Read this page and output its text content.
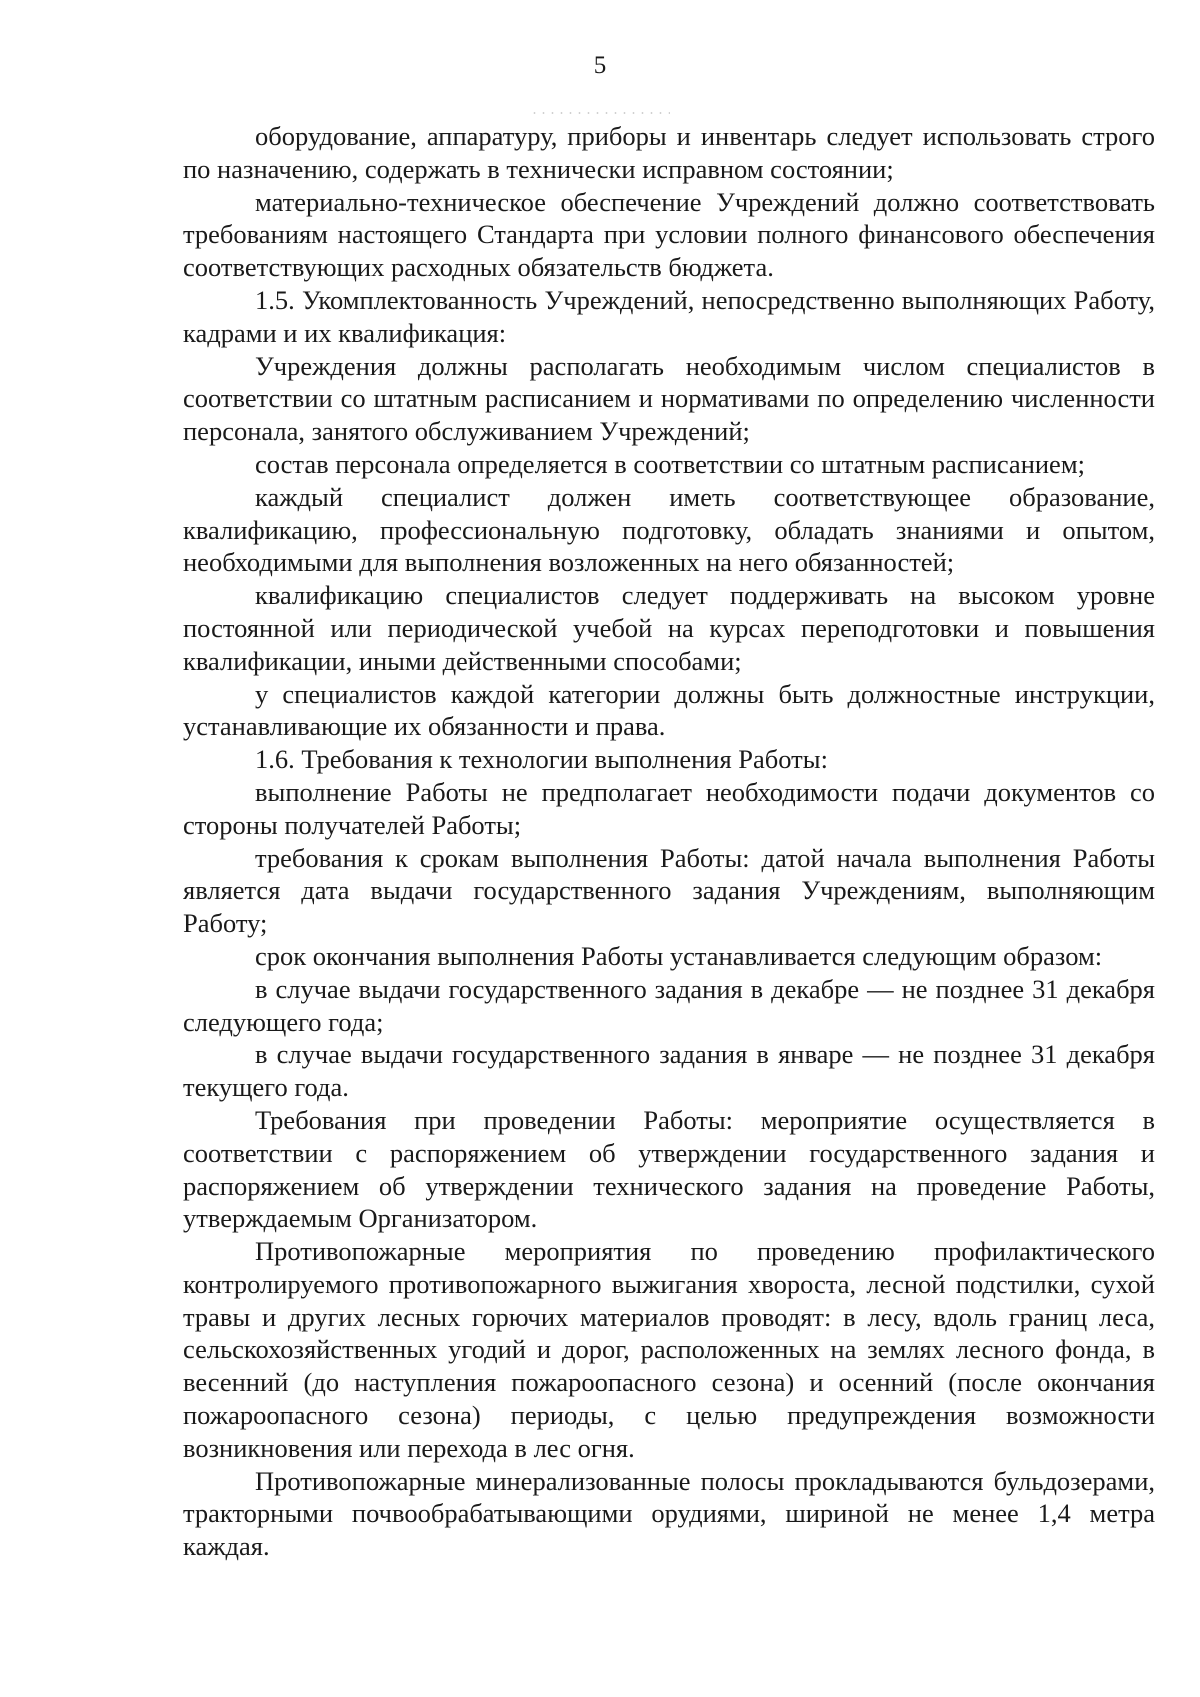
5

оборудование, аппаратуру, приборы и инвентарь следует использовать строго по назначению, содержать в технически исправном состоянии;

материально-техническое обеспечение Учреждений должно соответствовать требованиям настоящего Стандарта при условии полного финансового обеспечения соответствующих расходных обязательств бюджета.

1.5. Укомплектованность Учреждений, непосредственно выполняющих Работу, кадрами и их квалификация:

Учреждения должны располагать необходимым числом специалистов в соответствии со штатным расписанием и нормативами по определению численности персонала, занятого обслуживанием Учреждений;

состав персонала определяется в соответствии со штатным расписанием;

каждый специалист должен иметь соответствующее образование, квалификацию, профессиональную подготовку, обладать знаниями и опытом, необходимыми для выполнения возложенных на него обязанностей;

квалификацию специалистов следует поддерживать на высоком уровне постоянной или периодической учебой на курсах переподготовки и повышения квалификации, иными действенными способами;

у специалистов каждой категории должны быть должностные инструкции, устанавливающие их обязанности и права.

1.6. Требования к технологии выполнения Работы:

выполнение Работы не предполагает необходимости подачи документов со стороны получателей Работы;

требования к срокам выполнения Работы: датой начала выполнения Работы является дата выдачи государственного задания Учреждениям, выполняющим Работу;

срок окончания выполнения Работы устанавливается следующим образом:

в случае выдачи государственного задания в декабре — не позднее 31 декабря следующего года;

в случае выдачи государственного задания в январе — не позднее 31 декабря текущего года.

Требования при проведении Работы: мероприятие осуществляется в соответствии с распоряжением об утверждении государственного задания и распоряжением об утверждении технического задания на проведение Работы, утверждаемым Организатором.

Противопожарные мероприятия по проведению профилактического контролируемого противопожарного выжигания хвороста, лесной подстилки, сухой травы и других лесных горючих материалов проводят: в лесу, вдоль границ леса, сельскохозяйственных угодий и дорог, расположенных на землях лесного фонда, в весенний (до наступления пожароопасного сезона) и осенний (после окончания пожароопасного сезона) периоды, с целью предупреждения возможности возникновения или перехода в лес огня.

Противопожарные минерализованные полосы прокладываются бульдозерами, тракторными почвообрабатывающими орудиями, шириной не менее 1,4 метра каждая.
